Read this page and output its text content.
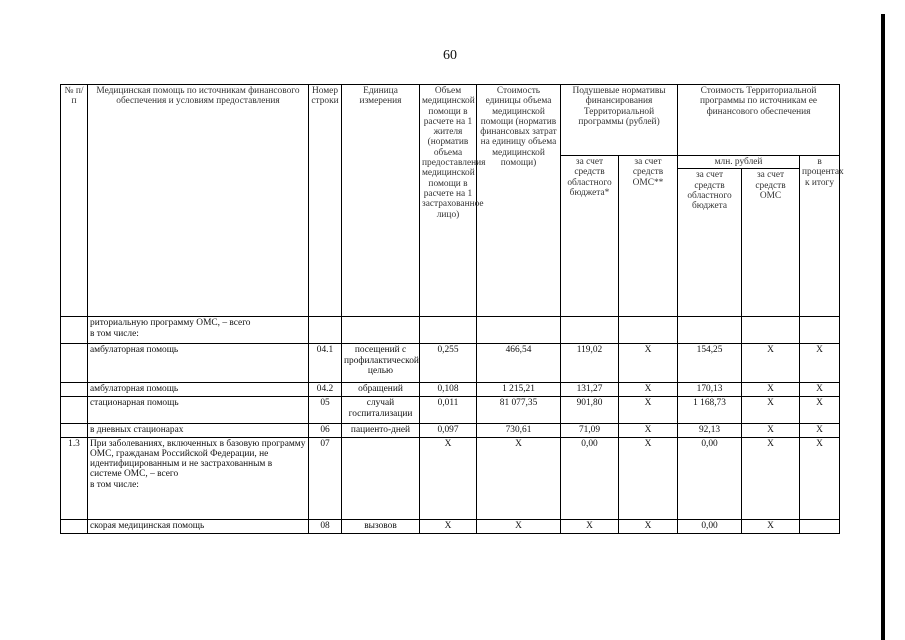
60
№ п/п	Медицинская помощь по источникам финансового обеспечения и условиям предоставления	Номер строки	Единица измерения	Объем медицинской помощи в расчете на 1 жителя (норматив объема предоставления медицинской помощи в расчете на 1 застрахованное лицо)	Стоимость единицы объема медицинской помощи (норматив финансовых затрат на единицу объема медицинской помощи)	Подушевые нормативы финансирования Территориальной программы (рублей)		Стоимость Территориальной программы по источникам ее финансового обеспечения		
						за счет средств областного бюджета*	за счет средств ОМС**	млн. рублей		в процентах к итогу
								за счет средств областного бюджета	за счет средств ОМС	
	риториальную программу ОМС, – всего
в том числе:									
	амбулаторная помощь	04.1	посещений с профилактической целью	0,255	466,54	119,02	X	154,25	X	X
	амбулаторная помощь	04.2	обращений	0,108	1 215,21	131,27	X	170,13	X	X
	стационарная помощь	05	случай госпитализации	0,011	81 077,35	901,80	X	1 168,73	X	X
	в дневных стационарах	06	пациенто-дней	0,097	730,61	71,09	X	92,13	X	X
1.3	При заболеваниях, включенных в базовую программу ОМС, гражданам Российской Федерации, не идентифицированным и не застрахованным в системе ОМС, – всего
в том числе:	07		X	X	0,00	X	0,00	X	X
	скорая медицинская помощь	08	вызовов	X	X	X	X	0,00	X	
